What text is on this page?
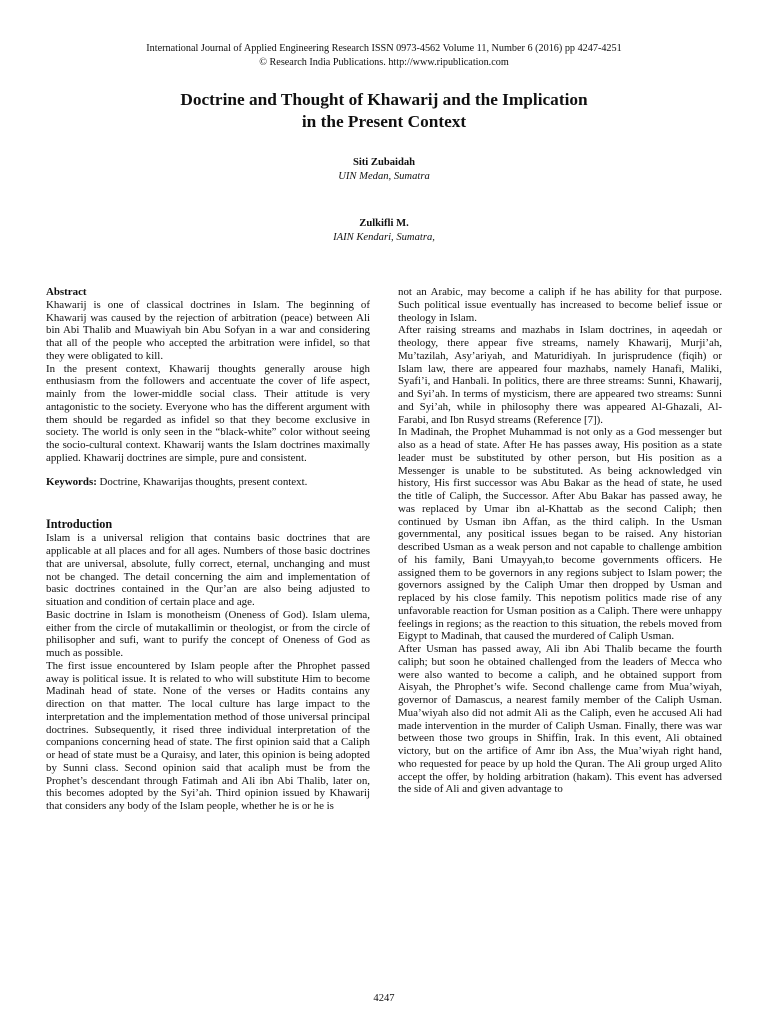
International Journal of Applied Engineering Research ISSN 0973-4562 Volume 11, Number 6 (2016) pp 4247-4251
© Research India Publications. http://www.ripublication.com
Doctrine and Thought of Khawarij and the Implication
in the Present Context
Siti Zubaidah
UIN Medan, Sumatra
Zulkifli M.
IAIN Kendari, Sumatra,

Abstract

Khawarij is one of classical doctrines in Islam. The beginning of Khawarij was caused by the rejection of arbitration (peace) between Ali bin Abi Thalib and Muawiyah bin Abu Sofyan in a war and considering that all of the people who accepted the arbitration were infidel, so that they were obligated to kill.

In the present context, Khawarij thoughts generally arouse high enthusiasm from the followers and accentuate the cover of life aspect, mainly from the lower-middle social class. Their attitude is very antagonistic to the society. Everyone who has the different argument with them should be regarded as infidel so that they become exclusive in society. The world is only seen in the “black-white” color without seeing the socio-cultural context. Khawarij wants the Islam doctrines maximally applied. Khawarij doctrines are simple, pure and consistent.

Keywords: Doctrine, Khawarijas thoughts, present context.

Introduction

Islam is a universal religion that contains basic doctrines that are applicable at all places and for all ages. Numbers of those basic doctrines that are universal, absolute, fully correct, eternal, unchanging and must not be changed. The detail concerning the aim and implementation of basic doctrines contained in the Qur’an are also being adjusted to situation and condition of certain place and age.

Basic doctrine in Islam is monotheism (Oneness of God). Islam ulema, either from the circle of mutakallimin or theologist, or from the circle of philisopher and sufi, want to purify the concept of Oneness of God as much as possible.

The first issue encountered by Islam people after the Phrophet passed away is political issue. It is related to who will substitute Him to become Madinah head of state. None of the verses or Hadits contains any direction on that matter. The local culture has large impact to the interpretation and the implementation method of those universal principal doctrines. Subsequently, it rised three individual interpretation of the companions concerning head of state. The first opinion said that a Caliph or head of state must be a Quraisy, and later, this opinion is being adopted by Sunni class. Second opinion said that acaliph must be from the Prophet’s descendant through Fatimah and Ali ibn Abi Thalib, later on, this becomes adopted by the Syi’ah. Third opinion issued by Khawarij that considers any body of the Islam people, whether he is or he is

not an Arabic, may become a caliph if he has ability for that purpose. Such political issue eventually has increased to become belief issue or theology in Islam.

After raising streams and mazhabs in Islam doctrines, in aqeedah or theology, there appear five streams, namely Khawarij, Murji’ah, Mu’tazilah, Asy’ariyah, and Maturidiyah. In jurisprudence (fiqih) or Islam law, there are appeared four mazhabs, namely Hanafi, Maliki, Syafi’i, and Hanbali. In politics, there are three streams: Sunni, Khawarij, and Syi’ah. In terms of mysticism, there are appeared two streams: Sunni and Syi’ah, while in philosophy there was appeared Al-Ghazali, Al-Farabi, and Ibn Rusyd streams (Reference [7]).

In Madinah, the Prophet Muhammad is not only as a God messenger but also as a head of state. After He has passes away, His position as a state leader must be substituted by other person, but His position as a Messenger is unable to be substituted. As being acknowledged vin history, His first successor was Abu Bakar as the head of state, he used the title of Caliph, the Successor. After Abu Bakar has passed away, he was replaced by Umar ibn al-Khattab as the second Caliph; then continued by Usman ibn Affan, as the third caliph. In the Usman governmental, any positical issues began to be raised. Any historian described Usman as a weak person and not capable to challenge ambition of his family, Bani Umayyah,to become governments officers. He assigned them to be governors in any regions subject to Islam power; the governors assigned by the Caliph Umar then dropped by Usman and replaced by his close family. This nepotism politics made rise of any unfavorable reaction for Usman position as a Caliph. There were unhappy feelings in regions; as the reaction to this situation, the rebels moved from Eigypt to Madinah, that caused the murdered of Caliph Usman.

After Usman has passed away, Ali ibn Abi Thalib became the fourth caliph; but soon he obtained challenged from the leaders of Mecca who were also wanted to become a caliph, and he obtained support from Aisyah, the Phrophet’s wife. Second challenge came from Mua’wiyah, governor of Damascus, a nearest family member of the Caliph Usman. Mua’wiyah also did not admit Ali as the Caliph, even he accused Ali had made intervention in the murder of Caliph Usman. Finally, there was war between those two groups in Shiffin, Irak. In this event, Ali obtained victory, but on the artifice of Amr ibn Ass, the Mua’wiyah right hand, who requested for peace by up hold the Quran. The Ali group urged Alito accept the offer, by holding arbitration (hakam). This event has adversed the side of Ali and given advantage to

4247
